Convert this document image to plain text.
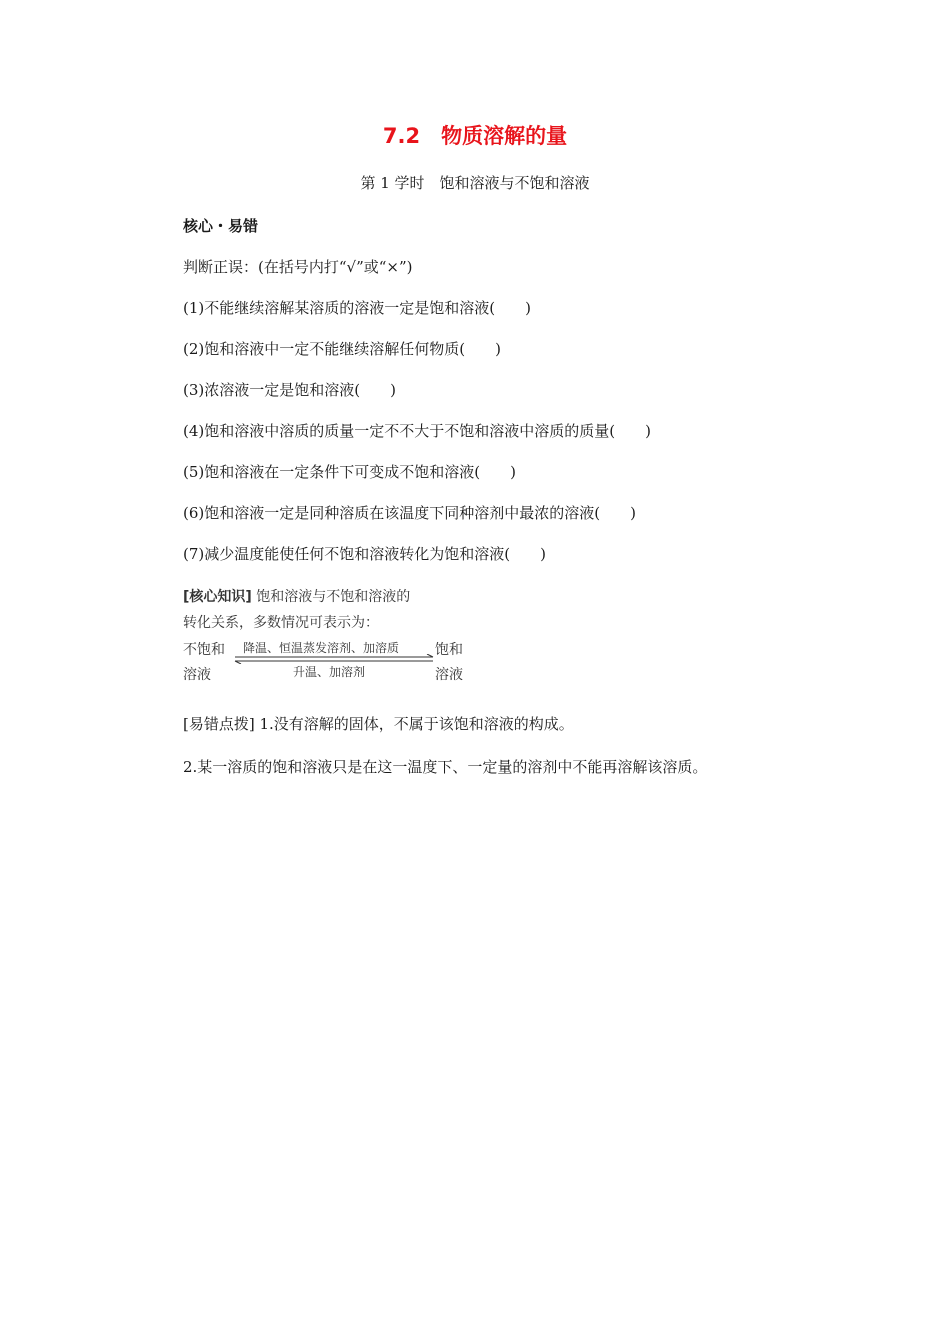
7.2　物质溶解的量
第 1 学时　饱和溶液与不饱和溶液
核心・易错
判断正误：(在括号内打“√”或“×”)
(1)不能继续溶解某溶质的溶液一定是饱和溶液(　　)
(2)饱和溶液中一定不能继续溶解任何物质(　　)
(3)浓溶液一定是饱和溶液(　　)
(4)饱和溶液中溶质的质量一定不不大于不饱和溶液中溶质的质量(　　)
(5)饱和溶液在一定条件下可变成不饱和溶液(　　)
(6)饱和溶液一定是同种溶质在该温度下同种溶剂中最浓的溶液(　　)
(7)减少温度能使任何不饱和溶液转化为饱和溶液(　　)
[核心知识] 饱和溶液与不饱和溶液的
转化关系，多数情况可表示为：
不饱和
溶液
降温、恒温蒸发溶剂、加溶质
升温、加溶剂
饱和
溶液
[易错点拨] 1.没有溶解的固体，不属于该饱和溶液的构成。
2.某一溶质的饱和溶液只是在这一温度下、一定量的溶剂中不能再溶解该溶质。
